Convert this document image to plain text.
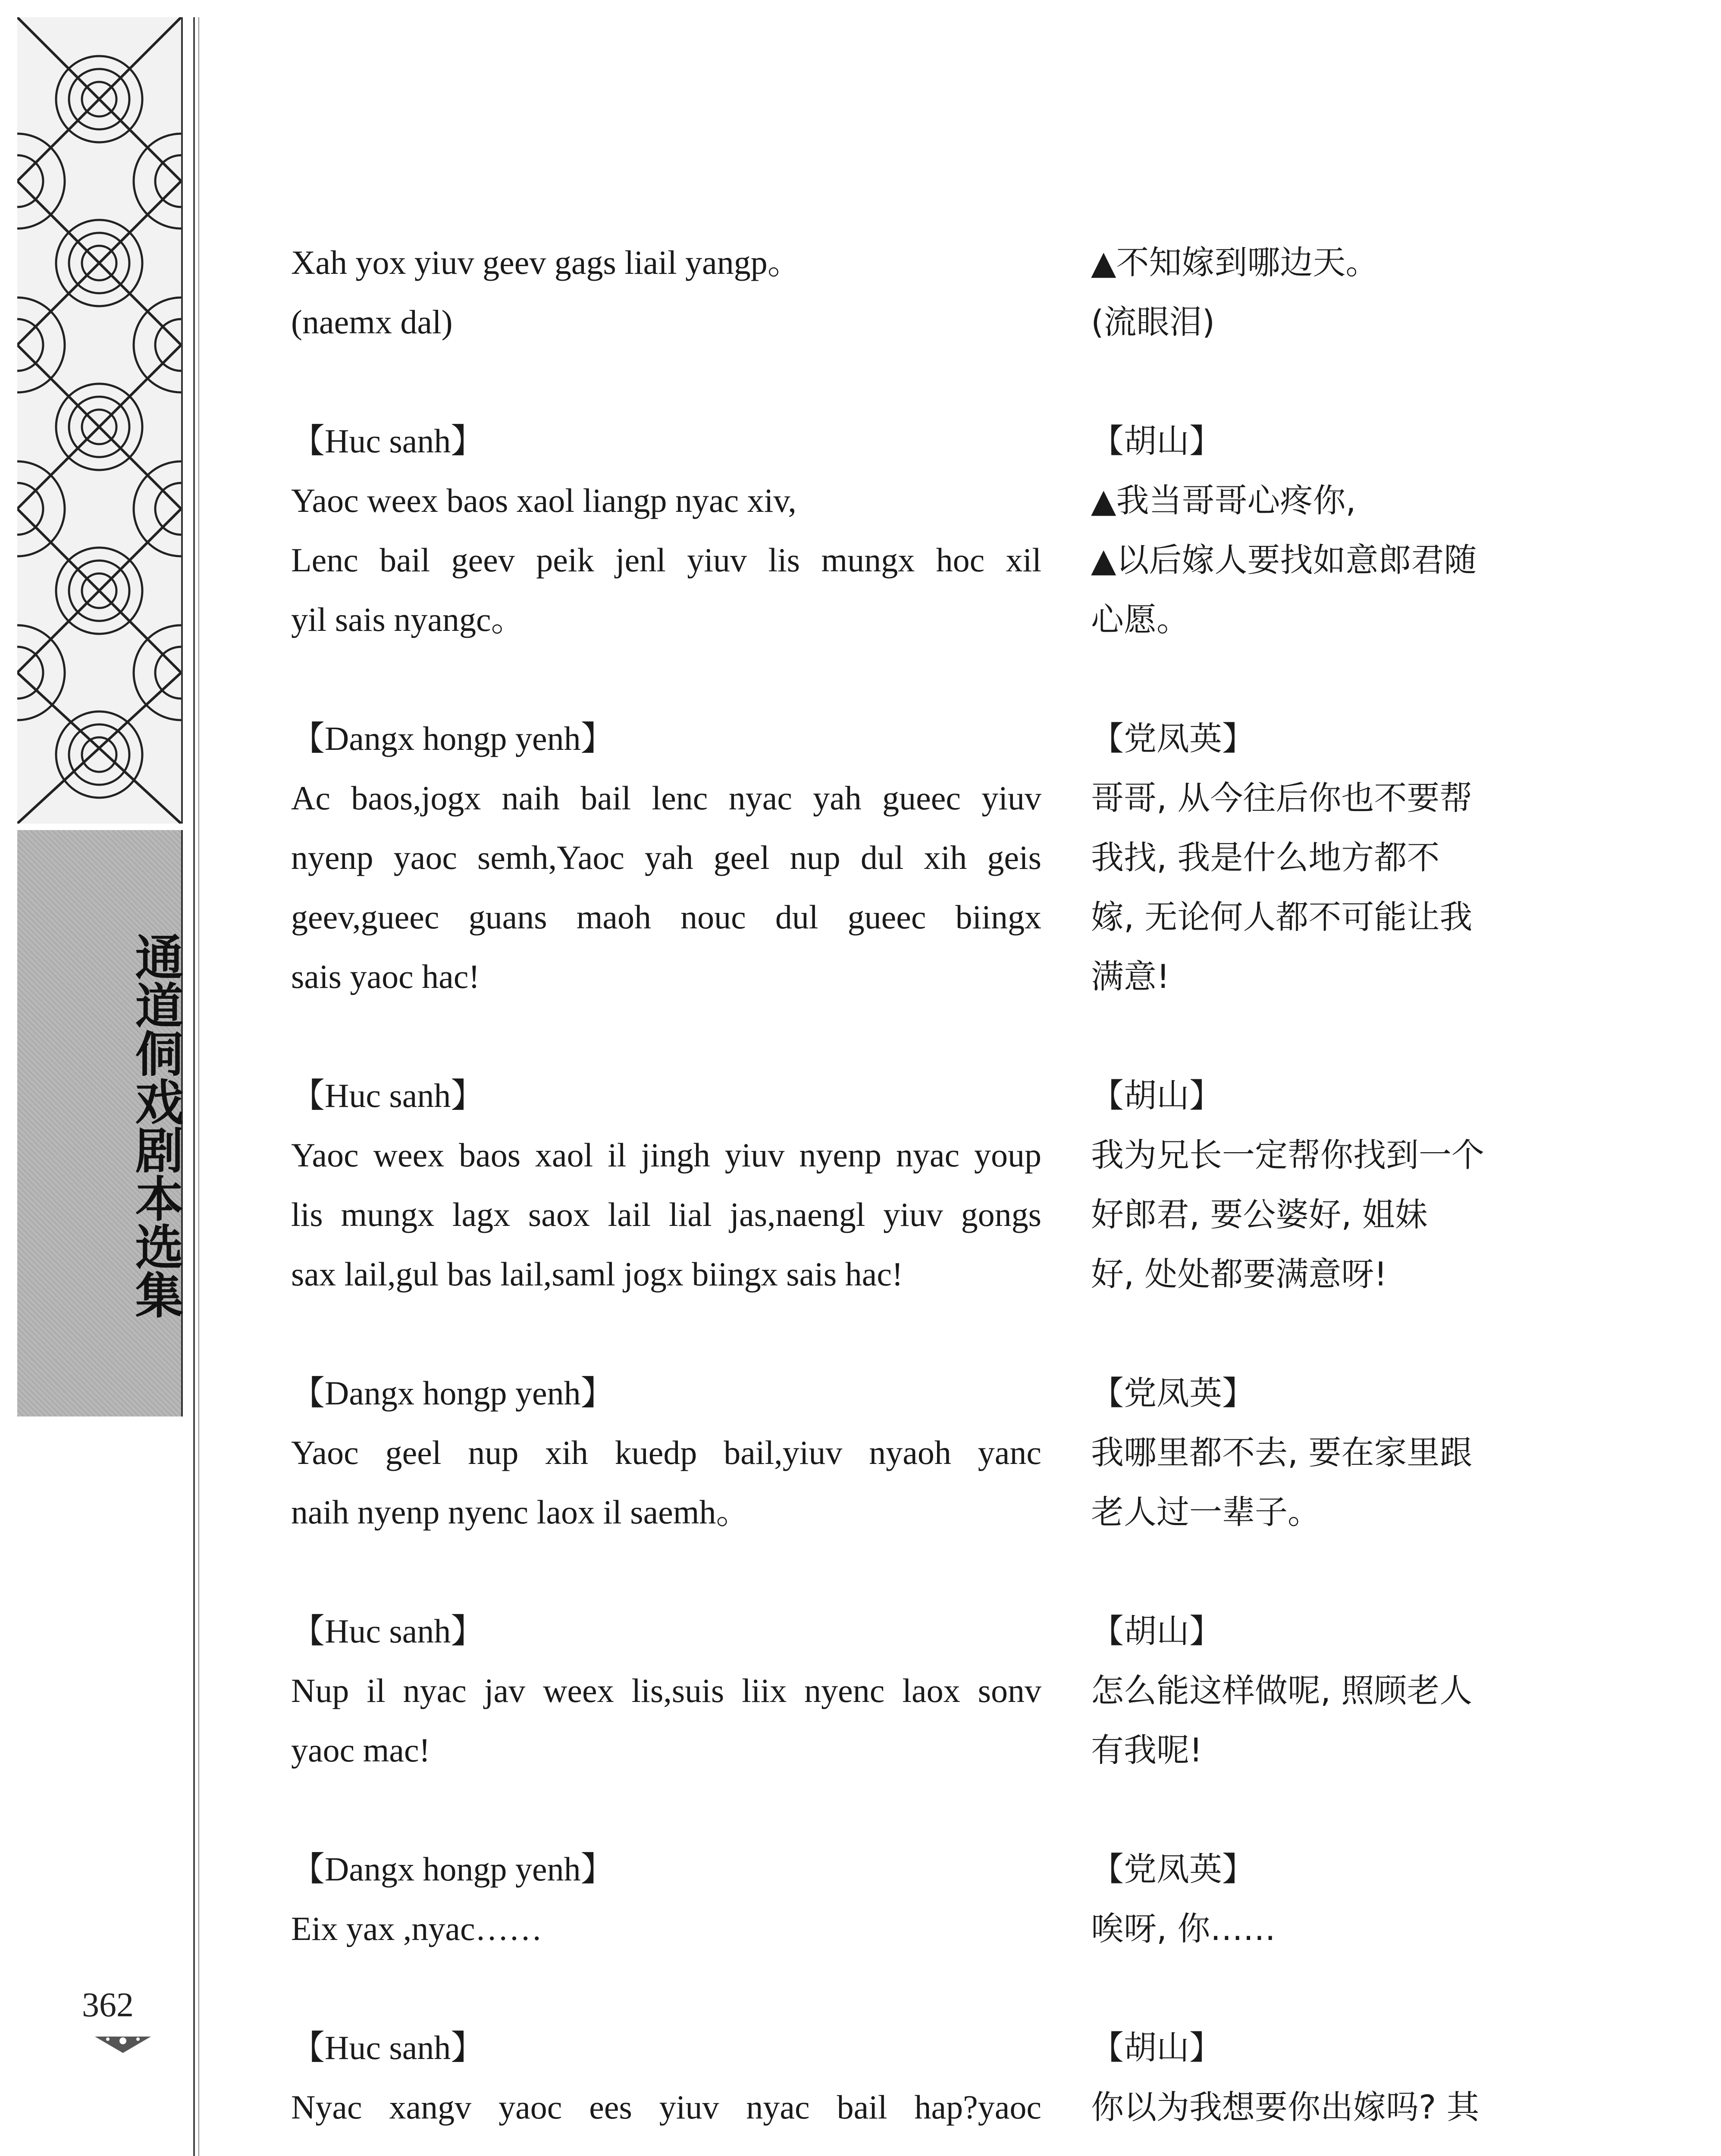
通道侗戏剧本选集
362
Xah yox yiuv geev gags liail yangp。
(naemx dal)
【Huc sanh】
Yaoc weex baos xaol liangp nyac xiv,
Lenc bail geev peik jenl yiuv lis mungx hoc xil
yil sais nyangc。
【Dangx hongp yenh】
Ac baos,jogx naih bail lenc nyac yah gueec yiuv
nyenp yaoc semh,Yaoc yah geel nup dul xih geis
geev,gueec guans maoh nouc dul gueec biingx
sais yaoc hac!
【Huc sanh】
Yaoc weex baos xaol il jingh yiuv nyenp nyac youp
lis mungx lagx saox lail lial jas,naengl yiuv gongs
sax lail,gul bas lail,saml jogx biingx sais hac!
【Dangx hongp yenh】
Yaoc geel nup xih kuedp bail,yiuv nyaoh yanc
naih nyenp nyenc laox il saemh。
【Huc sanh】
Nup il nyac jav weex lis,suis liix nyenc laox sonv
yaoc mac!
【Dangx hongp yenh】
Eix yax ,nyac……
【Huc sanh】
Nyac xangv yaoc ees yiuv nyac bail hap?yaoc
▲不知嫁到哪边天。
(流眼泪)
【胡山】
▲我当哥哥心疼你,
▲以后嫁人要找如意郎君随
心愿。
【党凤英】
哥哥, 从今往后你也不要帮
我找, 我是什么地方都不
嫁, 无论何人都不可能让我
满意!
【胡山】
我为兄长一定帮你找到一个
好郎君, 要公婆好, 姐妹
好, 处处都要满意呀!
【党凤英】
我哪里都不去, 要在家里跟
老人过一辈子。
【胡山】
怎么能这样做呢, 照顾老人
有我呢!
【党凤英】
唉呀, 你……
【胡山】
你以为我想要你出嫁吗? 其
